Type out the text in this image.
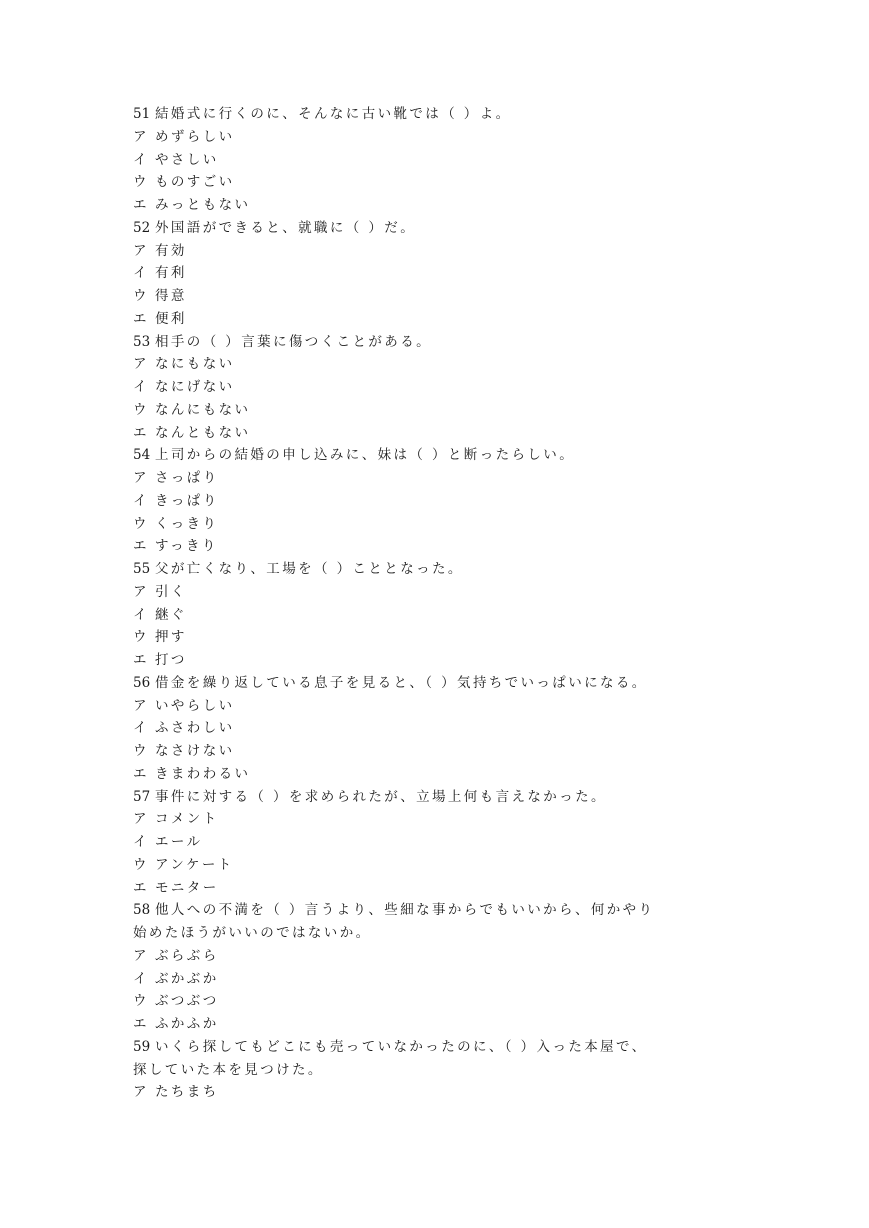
51 結婚式に行くのに、そんなに古い靴では（ ）よ。
ア めずらしい
イ やさしい
ウ ものすごい
エ みっともない
52 外国語ができると、就職に（ ）だ。
ア 有効
イ 有利
ウ 得意
エ 便利
53 相手の（ ）言葉に傷つくことがある。
ア なにもない
イ なにげない
ウ なんにもない
エ なんともない
54 上司からの結婚の申し込みに、妹は（ ）と断ったらしい。
ア さっぱり
イ きっぱり
ウ くっきり
エ すっきり
55 父が亡くなり、工場を（ ）こととなった。
ア 引く
イ 継ぐ
ウ 押す
エ 打つ
56 借金を繰り返している息子を見ると、（ ）気持ちでいっぱいになる。
ア いやらしい
イ ふさわしい
ウ なさけない
エ きまわわるい
57 事件に対する（ ）を求められたが、立場上何も言えなかった。
ア コメント
イ エール
ウ アンケート
エ モニター
58 他人への不満を（ ）言うより、些細な事からでもいいから、何かやり
始めたほうがいいのではないか。
ア ぶらぶら
イ ぶかぶか
ウ ぶつぶつ
エ ふかふか
59 いくら探してもどこにも売っていなかったのに、（ ）入った本屋で、
探していた本を見つけた。
ア たちまち
